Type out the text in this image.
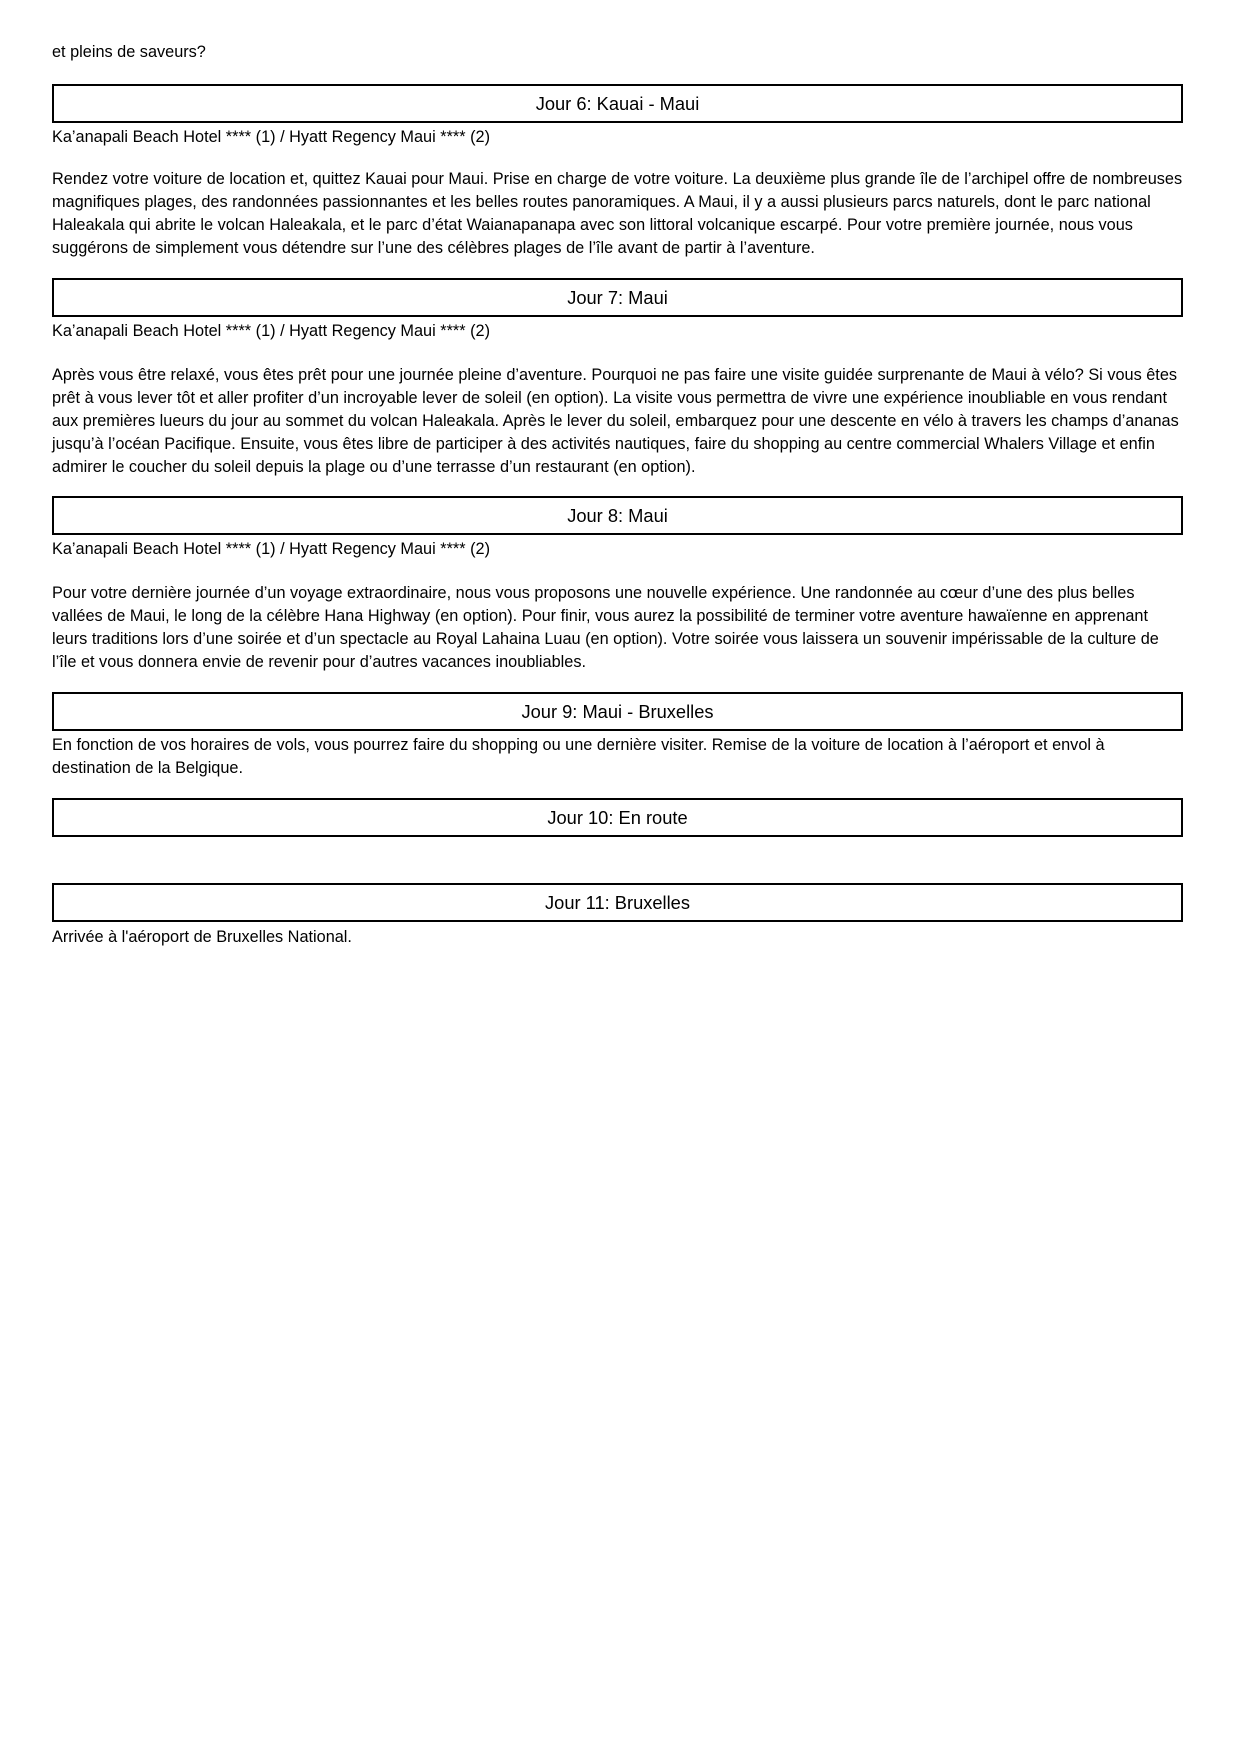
et pleins de saveurs?

Jour 6: Kauai - Maui
Ka’anapali Beach Hotel **** (1) / Hyatt Regency Maui **** (2)
Rendez votre voiture de location et, quittez Kauai pour Maui. Prise en charge de votre voiture. La deuxième plus grande île de l’archipel offre de nombreuses magnifiques plages, des randonnées passionnantes et les belles routes panoramiques. A Maui, il y a aussi plusieurs parcs naturels, dont le parc national Haleakala qui abrite le volcan Haleakala, et le parc d’état Waianapanapa avec son littoral volcanique escarpé. Pour votre première journée, nous vous suggérons de simplement vous détendre sur l’une des célèbres plages de l’île avant de partir à l’aventure.
Jour 7: Maui
Ka’anapali Beach Hotel **** (1) / Hyatt Regency Maui **** (2)
Après vous être relaxé, vous êtes prêt pour une journée pleine d’aventure. Pourquoi ne pas faire une visite guidée surprenante de Maui à vélo? Si vous êtes prêt à vous lever tôt et aller profiter d’un incroyable lever de soleil (en option). La visite vous permettra de vivre une expérience inoubliable en vous rendant aux premières lueurs du jour au sommet du volcan Haleakala. Après le lever du soleil, embarquez pour une descente en vélo à travers les champs d’ananas jusqu’à l’océan Pacifique. Ensuite, vous êtes libre de participer à des activités nautiques, faire du shopping au centre commercial Whalers Village et enfin admirer le coucher du soleil depuis la plage ou d’une terrasse d’un restaurant (en option).
Jour 8: Maui
Ka’anapali Beach Hotel **** (1) / Hyatt Regency Maui **** (2)
Pour votre dernière journée d’un voyage extraordinaire, nous vous proposons une nouvelle expérience. Une randonnée au cœur d’une des plus belles vallées de Maui, le long de la célèbre Hana Highway (en option). Pour finir, vous aurez la possibilité de terminer votre aventure hawaïenne en apprenant leurs traditions lors d’une soirée et d’un spectacle au Royal Lahaina Luau (en option). Votre soirée vous laissera un souvenir impérissable de la culture de l’île et vous donnera envie de revenir pour d’autres vacances inoubliables.
Jour 9: Maui - Bruxelles
En fonction de vos horaires de vols, vous pourrez faire du shopping ou une dernière visiter. Remise de la voiture de location à l’aéroport et envol à destination de la Belgique.
Jour 10: En route
Jour 11: Bruxelles
Arrivée à l'aéroport de Bruxelles National.
